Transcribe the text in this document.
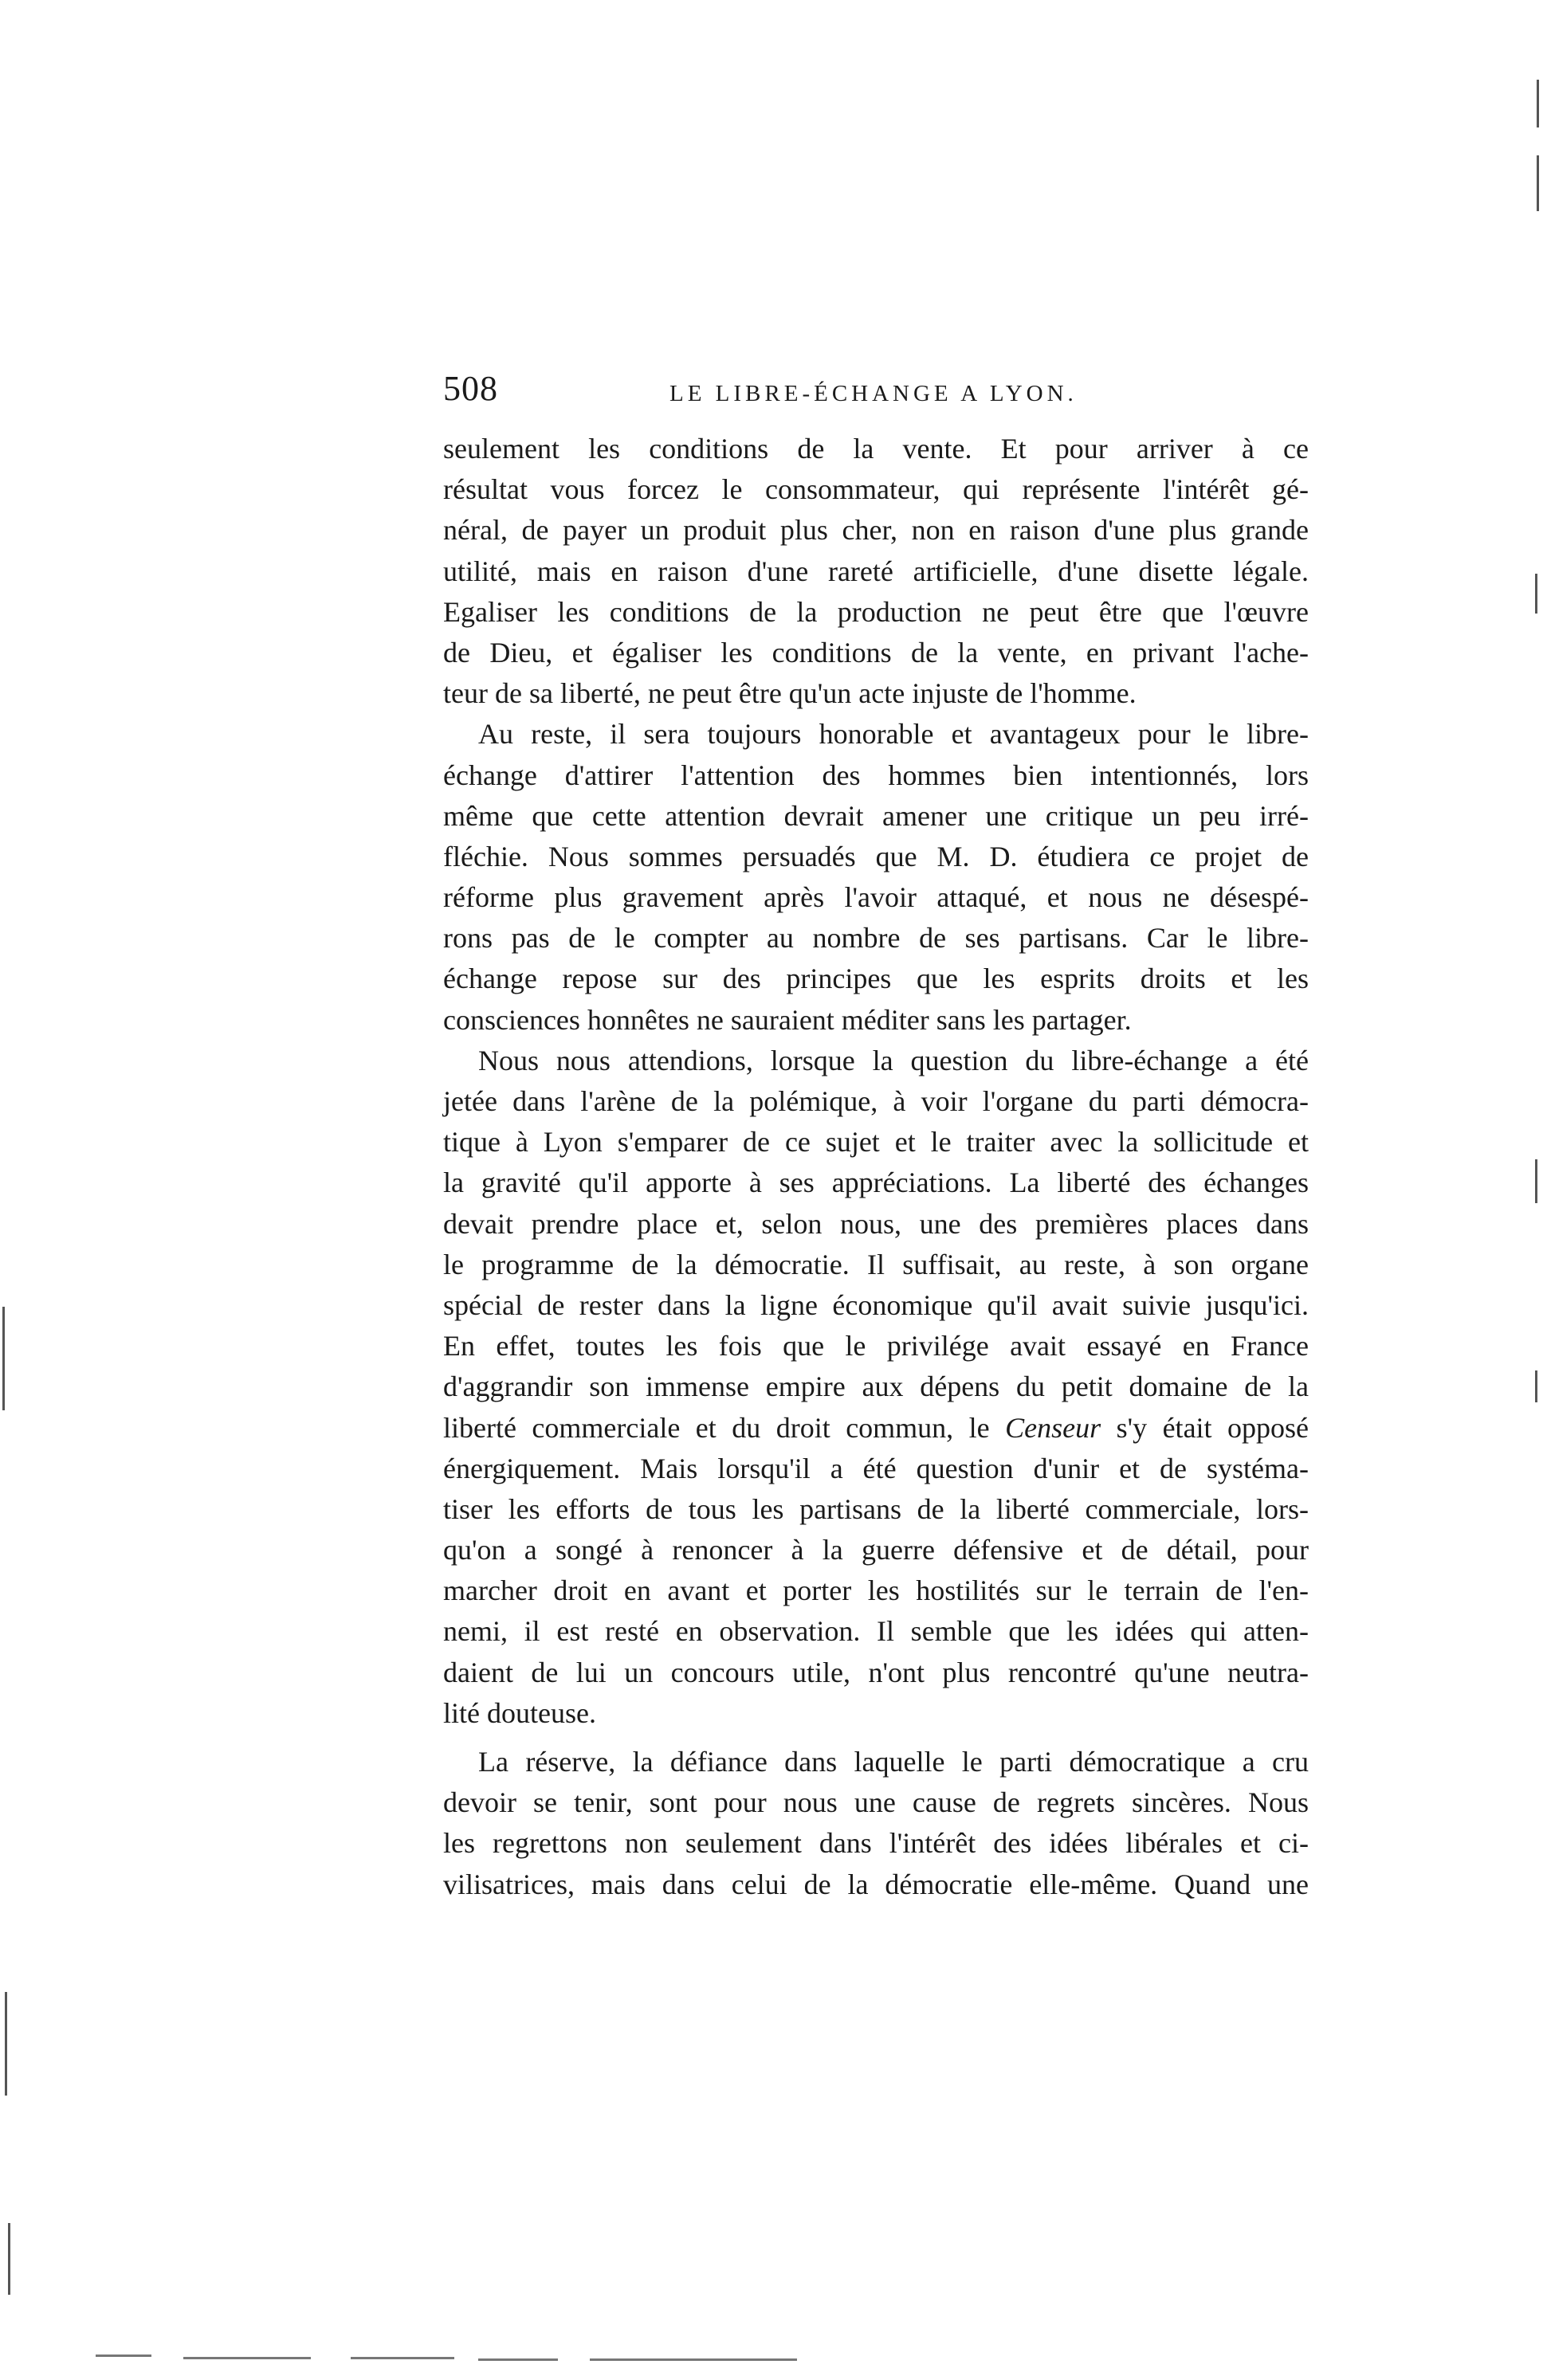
508	LE LIBRE-ÉCHANGE A LYON.
seulement les conditions de la vente. Et pour arriver à ce
résultat vous forcez le consommateur, qui représente l'intérêt gé-
néral, de payer un produit plus cher, non en raison d'une plus grande
utilité, mais en raison d'une rareté artificielle, d'une disette légale.
Egaliser les conditions de la production ne peut être que l'œuvre
de Dieu, et égaliser les conditions de la vente, en privant l'ache-
teur de sa liberté, ne peut être qu'un acte injuste de l'homme.
Au reste, il sera toujours honorable et avantageux pour le libre-
échange d'attirer l'attention des hommes bien intentionnés, lors
même que cette attention devrait amener une critique un peu irré-
fléchie. Nous sommes persuadés que M. D. étudiera ce projet de
réforme plus gravement après l'avoir attaqué, et nous ne désespé-
rons pas de le compter au nombre de ses partisans. Car le libre-
échange repose sur des principes que les esprits droits et les
consciences honnêtes ne sauraient méditer sans les partager.
Nous nous attendions, lorsque la question du libre-échange a été
jetée dans l'arène de la polémique, à voir l'organe du parti démocra-
tique à Lyon s'emparer de ce sujet et le traiter avec la sollicitude et
la gravité qu'il apporte à ses appréciations. La liberté des échanges
devait prendre place et, selon nous, une des premières places dans
le programme de la démocratie. Il suffisait, au reste, à son organe
spécial de rester dans la ligne économique qu'il avait suivie jusqu'ici.
En effet, toutes les fois que le privilége avait essayé en France
d'aggrandir son immense empire aux dépens du petit domaine de la
liberté commerciale et du droit commun, le Censeur s'y était opposé
énergiquement. Mais lorsqu'il a été question d'unir et de systéma-
tiser les efforts de tous les partisans de la liberté commerciale, lors-
qu'on a songé à renoncer à la guerre défensive et de détail, pour
marcher droit en avant et porter les hostilités sur le terrain de l'en-
nemi, il est resté en observation. Il semble que les idées qui atten-
daient de lui un concours utile, n'ont plus rencontré qu'une neutra-
lité douteuse.
La réserve, la défiance dans laquelle le parti démocratique a cru
devoir se tenir, sont pour nous une cause de regrets sincères. Nous
les regrettons non seulement dans l'intérêt des idées libérales et ci-
vilisatrices, mais dans celui de la démocratie elle-même. Quand une
